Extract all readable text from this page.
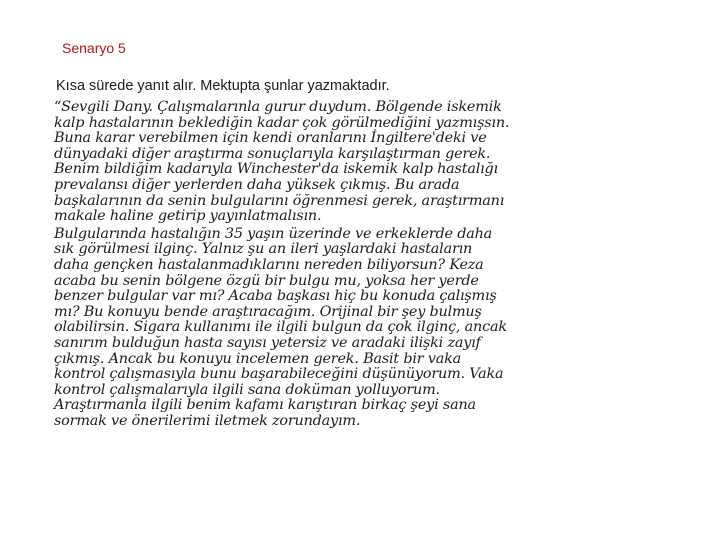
Senaryo 5
Kısa sürede yanıt alır. Mektupta şunlar yazmaktadır.
“Sevgili Dany. Çalışmalarınla gurur duydum. Bölgende iskemik
kalp hastalarının beklediğin kadar çok görülmediğini yazmışsın.
Buna karar verebilmen için kendi oranlarını İngiltere'deki ve
dünyadaki diğer araştırma sonuçlarıyla karşılaştırman gerek.
Benim bildiğim kadarıyla Winchester'da iskemik kalp hastalığı
prevalansı diğer yerlerden daha yüksek çıkmış. Bu arada
başkalarının da senin bulgularını öğrenmesi gerek, araştırmanı
makale haline getirip yayınlatmalısın.
Bulgularında hastalığın 35 yaşın üzerinde ve erkeklerde daha
sık görülmesi ilginç. Yalnız şu an ileri yaşlardaki hastaların
daha gençken hastalanmadıklarını nereden biliyorsun? Keza
acaba bu senin bölgene özgü bir bulgu mu, yoksa her yerde
benzer bulgular var mı? Acaba başkası hiç bu konuda çalışmış
mı? Bu konuyu bende araştıracağım. Orijinal bir şey bulmuş
olabilirsin. Sigara kullanımı ile ilgili bulgun da çok ilginç, ancak
sanırım bulduğun hasta sayısı yetersiz ve aradaki ilişki zayıf
çıkmış. Ancak bu konuyu incelemen gerek. Basit bir vaka
kontrol çalışmasıyla bunu başarabileceğini düşünüyorum. Vaka
kontrol çalışmalarıyla ilgili sana doküman yolluyorum.
Araştırmanla ilgili benim kafamı karıştıran birkaç şeyi sana
sormak ve önerilerimi iletmek zorundayım.
